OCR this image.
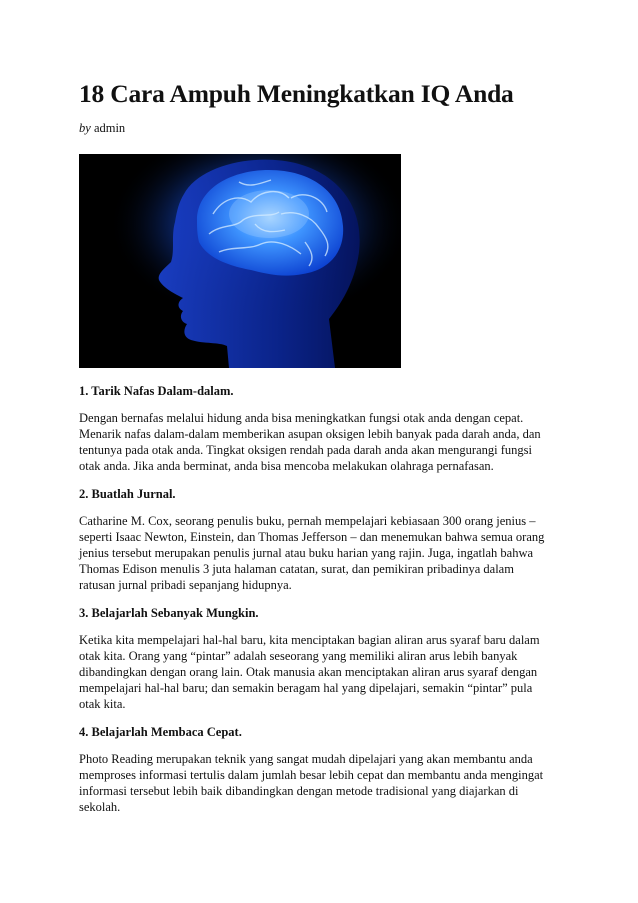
18 Cara Ampuh Meningkatkan IQ Anda
by admin
1. Tarik Nafas Dalam-dalam.

Dengan bernafas melalui hidung anda bisa meningkatkan fungsi otak anda dengan cepat.
Menarik nafas dalam-dalam memberikan asupan oksigen lebih banyak pada darah anda, dan
tentunya pada otak anda. Tingkat oksigen rendah pada darah anda akan mengurangi fungsi
otak anda. Jika anda berminat, anda bisa mencoba melakukan olahraga pernafasan.

2. Buatlah Jurnal.

Catharine M. Cox, seorang penulis buku, pernah mempelajari kebiasaan 300 orang jenius –
seperti Isaac Newton, Einstein, dan Thomas Jefferson – dan menemukan bahwa semua orang
jenius tersebut merupakan penulis jurnal atau buku harian yang rajin. Juga, ingatlah bahwa
Thomas Edison menulis 3 juta halaman catatan, surat, dan pemikiran pribadinya dalam
ratusan jurnal pribadi sepanjang hidupnya.

3. Belajarlah Sebanyak Mungkin.

Ketika kita mempelajari hal-hal baru, kita menciptakan bagian aliran arus syaraf baru dalam
otak kita. Orang yang “pintar” adalah seseorang yang memiliki aliran arus lebih banyak
dibandingkan dengan orang lain. Otak manusia akan menciptakan aliran arus syaraf dengan
mempelajari hal-hal baru; dan semakin beragam hal yang dipelajari, semakin “pintar” pula
otak kita.

4. Belajarlah Membaca Cepat.

Photo Reading merupakan teknik yang sangat mudah dipelajari yang akan membantu anda
memproses informasi tertulis dalam jumlah besar lebih cepat dan membantu anda mengingat
informasi tersebut lebih baik dibandingkan dengan metode tradisional yang diajarkan di
sekolah.
